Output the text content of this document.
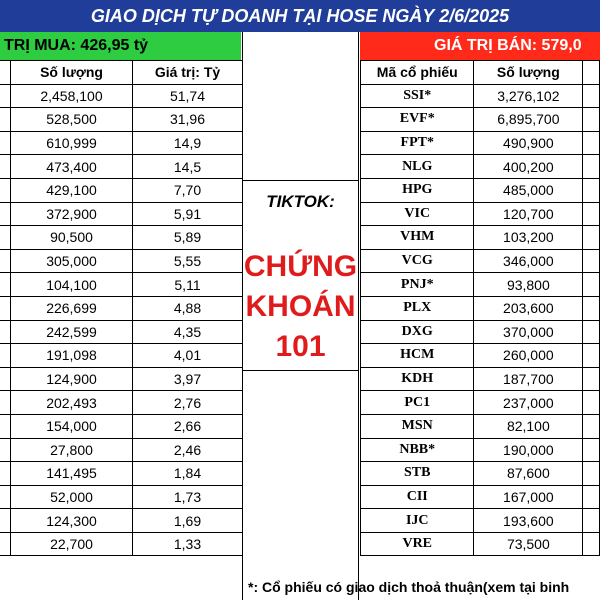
GIAO DỊCH TỰ DOANH TẠI HOSE NGÀY 2/6/2025
TRỊ MUA: 426,95 tỷ	GIÁ TRỊ BÁN: 579,0
	Số lượng	Giá trị: Tỷ
	2,458,100	51,74
	528,500	31,96
	610,999	14,9
	473,400	14,5
	429,100	7,70
	372,900	5,91
	90,500	5,89
	305,000	5,55
	104,100	5,11
	226,699	4,88
	242,599	4,35
	191,098	4,01
	124,900	3,97
	202,493	2,76
	154,000	2,66
	27,800	2,46
	141,495	1,84
	52,000	1,73
	124,300	1,69
	22,700	1,33
TIKTOK:
CHỨNG
KHOÁN
101
Mã cổ phiếu	Số lượng	
SSI*	3,276,102	
EVF*	6,895,700	
FPT*	490,900	
NLG	400,200	
HPG	485,000	
VIC	120,700	
VHM	103,200	
VCG	346,000	
PNJ*	93,800	
PLX	203,600	
DXG	370,000	
HCM	260,000	
KDH	187,700	
PC1	237,000	
MSN	82,100	
NBB*	190,000	
STB	87,600	
CII	167,000	
IJC	193,600	
VRE	73,500	
*: Cổ phiếu có giao dịch thoả thuận(xem tại binh
